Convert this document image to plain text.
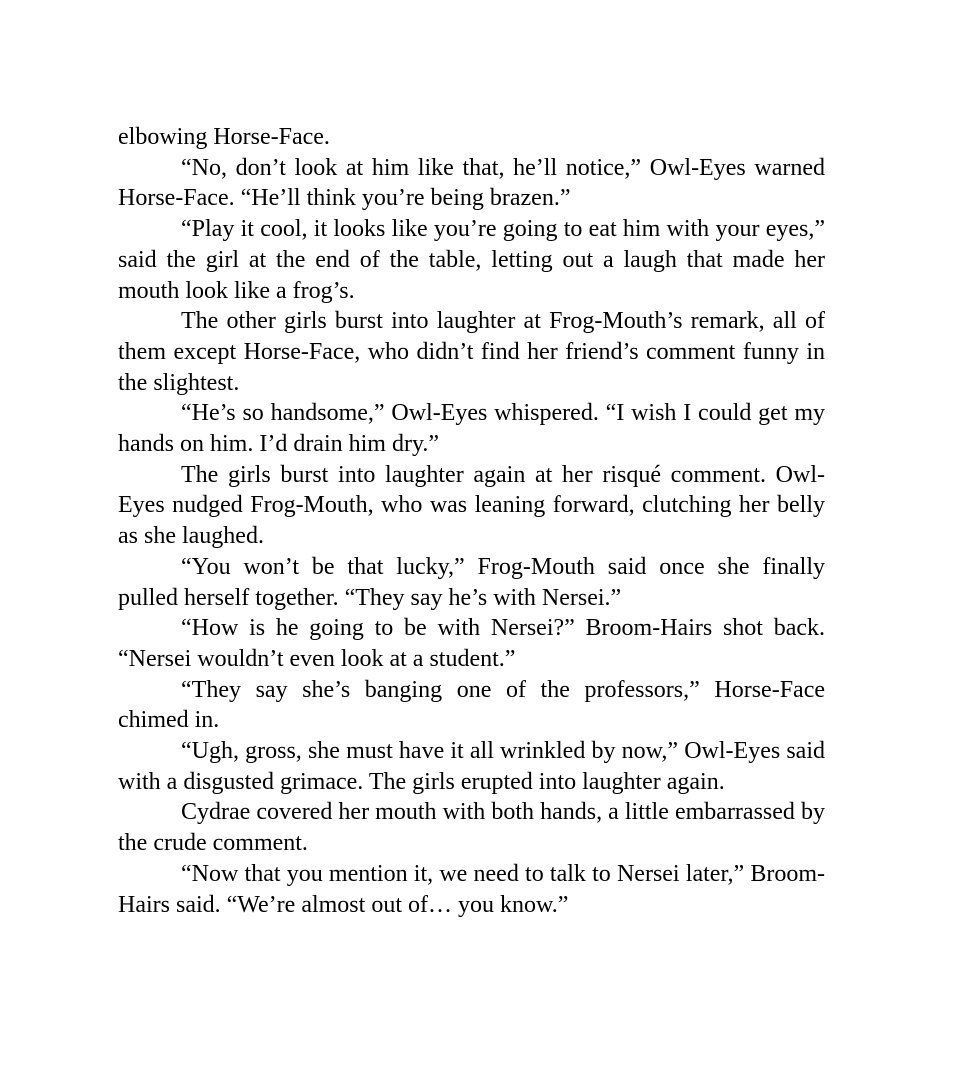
elbowing Horse-Face.

“No, don’t look at him like that, he’ll notice,” Owl-Eyes warned Horse-Face. “He’ll think you’re being brazen.”

“Play it cool, it looks like you’re going to eat him with your eyes,” said the girl at the end of the table, letting out a laugh that made her mouth look like a frog’s.

The other girls burst into laughter at Frog-Mouth’s remark, all of them except Horse-Face, who didn’t find her friend’s comment funny in the slightest.

“He’s so handsome,” Owl-Eyes whispered. “I wish I could get my hands on him. I’d drain him dry.”

The girls burst into laughter again at her risqué comment. Owl-Eyes nudged Frog-Mouth, who was leaning forward, clutching her belly as she laughed.

“You won’t be that lucky,” Frog-Mouth said once she finally pulled herself together. “They say he’s with Nersei.”

“How is he going to be with Nersei?” Broom-Hairs shot back. “Nersei wouldn’t even look at a student.”

“They say she’s banging one of the professors,” Horse-Face chimed in.

“Ugh, gross, she must have it all wrinkled by now,” Owl-Eyes said with a disgusted grimace. The girls erupted into laughter again.

Cydrae covered her mouth with both hands, a little embarrassed by the crude comment.

“Now that you mention it, we need to talk to Nersei later,” Broom-Hairs said. “We’re almost out of… you know.”
